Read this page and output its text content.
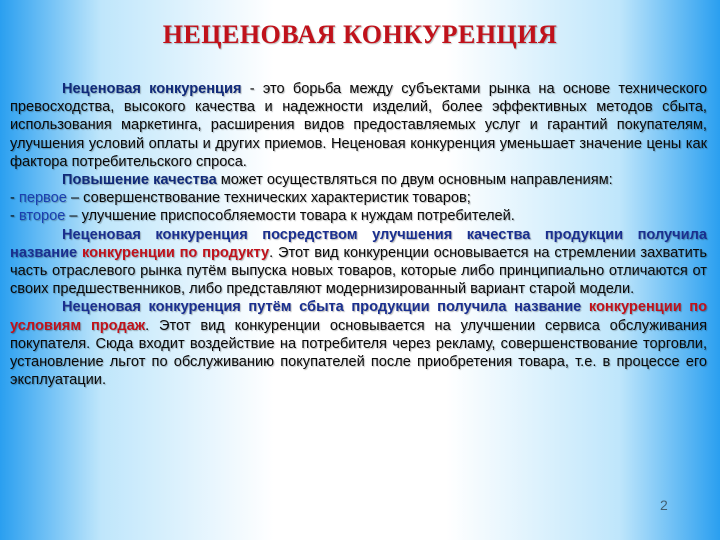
НЕЦЕНОВАЯ КОНКУРЕНЦИЯ

Неценовая конкуренция - это борьба между субъектами рынка на основе технического превосходства, высокого качества и надежности изделий, более эффективных методов сбыта, использования маркетинга, расширения видов предоставляемых услуг и гарантий покупателям, улучшения условий оплаты и других приемов. Неценовая конкуренция уменьшает значение цены как фактора потребительского спроса.

Повышение качества может осуществляться по двум основным направлениям:

- первое – совершенствование технических характеристик товаров;

- второе – улучшение приспособляемости товара к нуждам потребителей.

Неценовая конкуренция посредством улучшения качества продукции получила название конкуренции по продукту. Этот вид конкуренции основывается на стремлении захватить часть отраслевого рынка путём выпуска новых товаров, которые либо принципиально отличаются от своих предшественников, либо представляют модернизированный вариант старой модели.

Неценовая конкуренция путём сбыта продукции получила название конкуренции по условиям продаж. Этот вид конкуренции основывается на улучшении сервиса обслуживания покупателя. Сюда входит воздействие на потребителя через рекламу, совершенствование торговли, установление льгот по обслуживанию покупателей после приобретения товара, т.е. в процессе его эксплуатации.

2
